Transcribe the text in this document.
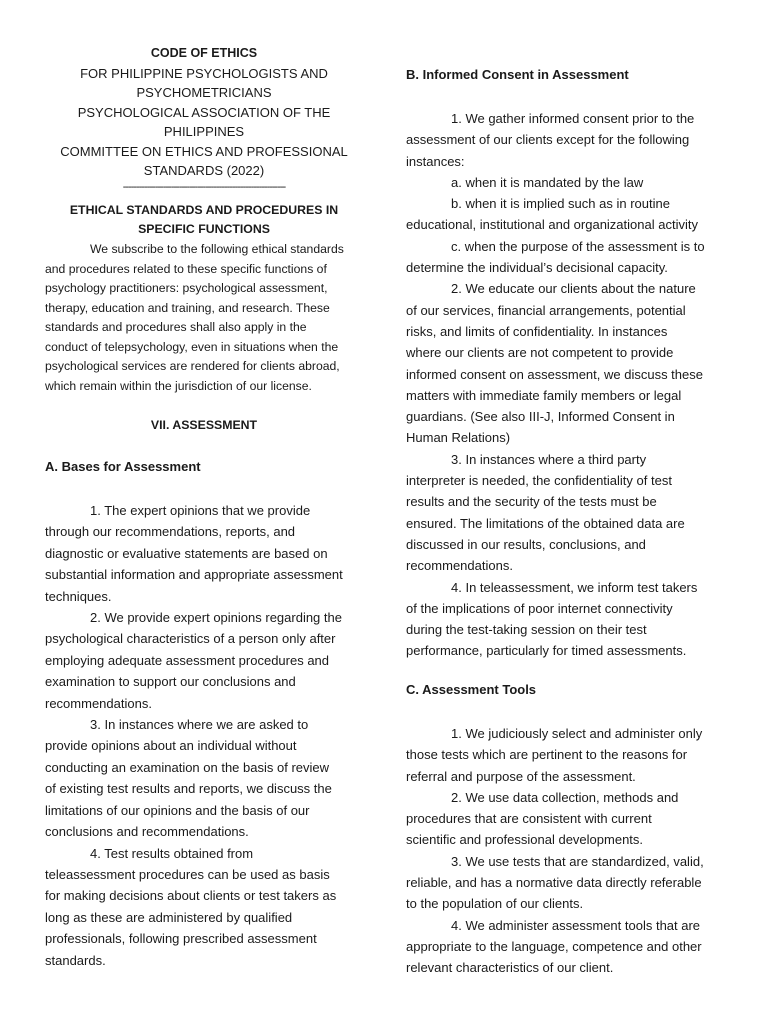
CODE OF ETHICS
FOR PHILIPPINE PSYCHOLOGISTS AND
PSYCHOMETRICIANS
PSYCHOLOGICAL ASSOCIATION OF THE
PHILIPPINES
COMMITTEE ON ETHICS AND PROFESSIONAL
STANDARDS (2022)
-------------------------------------------------------------
ETHICAL STANDARDS AND PROCEDURES IN
SPECIFIC FUNCTIONS
We subscribe to the following ethical standards
and procedures related to these specific functions of
psychology practitioners: psychological assessment,
therapy, education and training, and research. These
standards and procedures shall also apply in the
conduct of telepsychology, even in situations when the
psychological services are rendered for clients abroad,
which remain within the jurisdiction of our license.
VII. ASSESSMENT
A. Bases for Assessment
1. The expert opinions that we provide
through our recommendations, reports, and
diagnostic or evaluative statements are based on
substantial information and appropriate assessment
techniques.
2. We provide expert opinions regarding the
psychological characteristics of a person only after
employing adequate assessment procedures and
examination to support our conclusions and
recommendations.
3. In instances where we are asked to
provide opinions about an individual without
conducting an examination on the basis of review
of existing test results and reports, we discuss the
limitations of our opinions and the basis of our
conclusions and recommendations.
4. Test results obtained from
teleassessment procedures can be used as basis
for making decisions about clients or test takers as
long as these are administered by qualified
professionals, following prescribed assessment
standards.
B. Informed Consent in Assessment
1. We gather informed consent prior to the
assessment of our clients except for the following
instances:
a. when it is mandated by the law
b. when it is implied such as in routine
educational, institutional and organizational activity
c. when the purpose of the assessment is to
determine the individual’s decisional capacity.
2. We educate our clients about the nature
of our services, financial arrangements, potential
risks, and limits of confidentiality. In instances
where our clients are not competent to provide
informed consent on assessment, we discuss these
matters with immediate family members or legal
guardians. (See also III-J, Informed Consent in
Human Relations)
3. In instances where a third party
interpreter is needed, the confidentiality of test
results and the security of the tests must be
ensured. The limitations of the obtained data are
discussed in our results, conclusions, and
recommendations.
4. In teleassessment, we inform test takers
of the implications of poor internet connectivity
during the test-taking session on their test
performance, particularly for timed assessments.
C. Assessment Tools
1. We judiciously select and administer only
those tests which are pertinent to the reasons for
referral and purpose of the assessment.
2. We use data collection, methods and
procedures that are consistent with current
scientific and professional developments.
3. We use tests that are standardized, valid,
reliable, and has a normative data directly referable
to the population of our clients.
4. We administer assessment tools that are
appropriate to the language, competence and other
relevant characteristics of our client.
